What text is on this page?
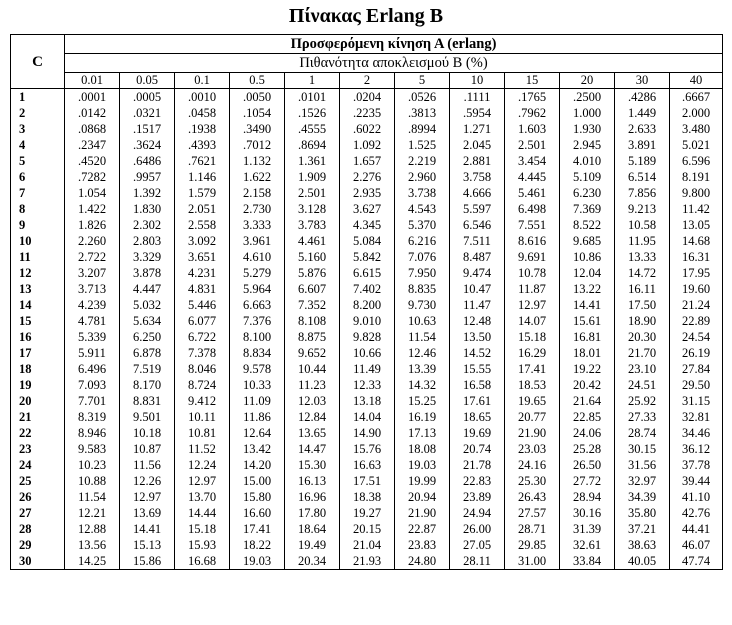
Πίνακας Erlang B
C	Προσφερόμενη κίνηση Α (erlang)											
	Πιθανότητα αποκλεισμού Β (%)											
	0.01	0.05	0.1	0.5	1	2	5	10	15	20	30	40
1	.0001	.0005	.0010	.0050	.0101	.0204	.0526	.1111	.1765	.2500	.4286	.6667
2	.0142	.0321	.0458	.1054	.1526	.2235	.3813	.5954	.7962	1.000	1.449	2.000
3	.0868	.1517	.1938	.3490	.4555	.6022	.8994	1.271	1.603	1.930	2.633	3.480
4	.2347	.3624	.4393	.7012	.8694	1.092	1.525	2.045	2.501	2.945	3.891	5.021
5	.4520	.6486	.7621	1.132	1.361	1.657	2.219	2.881	3.454	4.010	5.189	6.596
6	.7282	.9957	1.146	1.622	1.909	2.276	2.960	3.758	4.445	5.109	6.514	8.191
7	1.054	1.392	1.579	2.158	2.501	2.935	3.738	4.666	5.461	6.230	7.856	9.800
8	1.422	1.830	2.051	2.730	3.128	3.627	4.543	5.597	6.498	7.369	9.213	11.42
9	1.826	2.302	2.558	3.333	3.783	4.345	5.370	6.546	7.551	8.522	10.58	13.05
10	2.260	2.803	3.092	3.961	4.461	5.084	6.216	7.511	8.616	9.685	11.95	14.68
11	2.722	3.329	3.651	4.610	5.160	5.842	7.076	8.487	9.691	10.86	13.33	16.31
12	3.207	3.878	4.231	5.279	5.876	6.615	7.950	9.474	10.78	12.04	14.72	17.95
13	3.713	4.447	4.831	5.964	6.607	7.402	8.835	10.47	11.87	13.22	16.11	19.60
14	4.239	5.032	5.446	6.663	7.352	8.200	9.730	11.47	12.97	14.41	17.50	21.24
15	4.781	5.634	6.077	7.376	8.108	9.010	10.63	12.48	14.07	15.61	18.90	22.89
16	5.339	6.250	6.722	8.100	8.875	9.828	11.54	13.50	15.18	16.81	20.30	24.54
17	5.911	6.878	7.378	8.834	9.652	10.66	12.46	14.52	16.29	18.01	21.70	26.19
18	6.496	7.519	8.046	9.578	10.44	11.49	13.39	15.55	17.41	19.22	23.10	27.84
19	7.093	8.170	8.724	10.33	11.23	12.33	14.32	16.58	18.53	20.42	24.51	29.50
20	7.701	8.831	9.412	11.09	12.03	13.18	15.25	17.61	19.65	21.64	25.92	31.15
21	8.319	9.501	10.11	11.86	12.84	14.04	16.19	18.65	20.77	22.85	27.33	32.81
22	8.946	10.18	10.81	12.64	13.65	14.90	17.13	19.69	21.90	24.06	28.74	34.46
23	9.583	10.87	11.52	13.42	14.47	15.76	18.08	20.74	23.03	25.28	30.15	36.12
24	10.23	11.56	12.24	14.20	15.30	16.63	19.03	21.78	24.16	26.50	31.56	37.78
25	10.88	12.26	12.97	15.00	16.13	17.51	19.99	22.83	25.30	27.72	32.97	39.44
26	11.54	12.97	13.70	15.80	16.96	18.38	20.94	23.89	26.43	28.94	34.39	41.10
27	12.21	13.69	14.44	16.60	17.80	19.27	21.90	24.94	27.57	30.16	35.80	42.76
28	12.88	14.41	15.18	17.41	18.64	20.15	22.87	26.00	28.71	31.39	37.21	44.41
29	13.56	15.13	15.93	18.22	19.49	21.04	23.83	27.05	29.85	32.61	38.63	46.07
30	14.25	15.86	16.68	19.03	20.34	21.93	24.80	28.11	31.00	33.84	40.05	47.74
